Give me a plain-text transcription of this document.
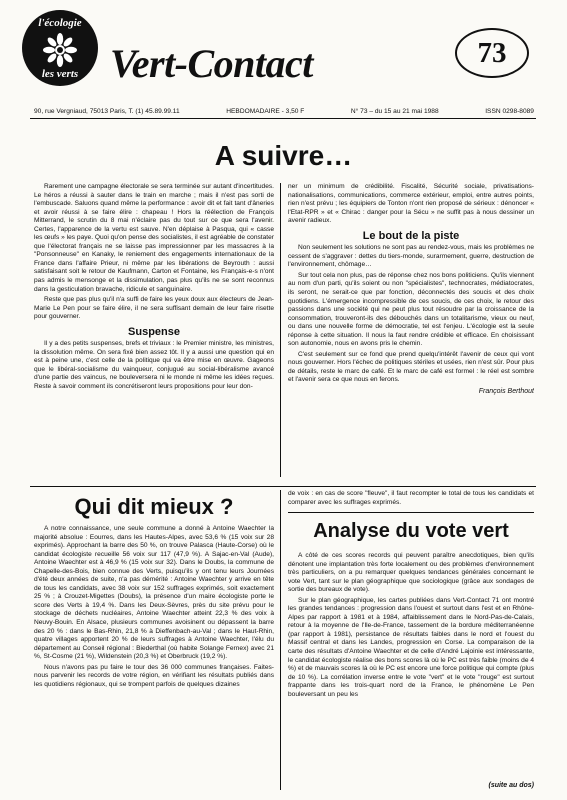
l'écologie
les verts Vert-Contact	73
90, rue Vergniaud, 75013 Paris, T. (1) 45.89.99.11	HEBDOMADAIRE - 3,50 F	N° 73 – du 15 au 21 mai 1988	ISSN 0298-8089
A suivre…

Rarement une campagne électorale se sera terminée sur autant d'incertitudes. Le héros a réussi à sauter dans le train en marche ; mais il n'est pas sorti de l'embuscade. Saluons quand même la performance : avoir dit et fait tant d'âneries et avoir réussi à se faire élire : chapeau ! Hors la réélection de François Mitterrand, le scrutin du 8 mai n'éclaire pas du tout sur ce que sera l'avenir. Certes, l'apparence de la vertu est sauve. N'en déplaise à Pasqua, qui « casse les œufs » les paye. Quoi qu'on pense des socialistes, il est agréable de constater que l'électorat français ne se laisse pas impressionner par les massacres à la "Ponsonneuse" en Kanaky, le reniement des engagements internationaux de la France dans l'affaire Prieur, ni même par les libérations de Beyrouth : aussi satisfaisant soit le retour de Kaufmann, Carton et Fontaine, les Français-e-s n'ont pas admis le mensonge et la dissimulation, pas plus qu'ils ne se sont reconnus dans la gesticulation bravache, ridicule et sanguinaire.

Reste que pas plus qu'il n'a suffi de faire les yeux doux aux électeurs de Jean-Marie Le Pen pour se faire élire, il ne sera suffisant demain de leur faire risette pour gouverner.

Suspense

Il y a des petits suspenses, brefs et triviaux : le Premier ministre, les ministres, la dissolution même. On sera fixé bien assez tôt. Il y a aussi une question qui en est à peine une, c'est celle de la politique qui va être mise en œuvre. Gageons que le libéral-socialisme du vainqueur, conjugué au social-libéralisme avancé d'une partie des vaincus, ne bouleversera ni le monde ni même les idées reçues. Reste à savoir comment ils concrétiseront leurs propositions pour leur don-

ner un minimum de crédibilité. Fiscalité, Sécurité sociale, privatisations-nationalisations, communications, commerce extérieur, emploi, entre autres points, rien n'est prévu ; les équipiers de Tonton n'ont rien proposé de sérieux : dénoncer « l'Etat-RPR » et « Chirac : danger pour la Sécu » ne suffit pas à nous dessiner un avenir radieux.

Le bout de la piste

Non seulement les solutions ne sont pas au rendez-vous, mais les problèmes ne cessent de s'aggraver : dettes du tiers-monde, surarmement, guerre, destruction de l'environnement, chômage…

Sur tout cela non plus, pas de réponse chez nos bons politiciens. Qu'ils viennent au nom d'un parti, qu'ils soient ou non "spécialistes", technocrates, médiatocrates, ils seront, ne serait-ce que par fonction, déconnectés des soucis et des choix quotidiens. L'émergence incompressible de ces soucis, de ces choix, le retour des passions dans une société qui ne peut plus tout résoudre par la croissance de la consommation, trouveront-ils des débouchés dans un totalitarisme, vieux ou neuf, ou dans une nouvelle forme de démocratie, tel est l'enjeu. L'écologie est la seule réponse à cette situation. Il nous la faut rendre crédible et efficace. En choisissant son autonomie, nous en avons pris le chemin.

C'est seulement sur ce fond que prend quelqu'intérêt l'avenir de ceux qui vont nous gouverner. Hors l'échec de politiques stériles et usées, rien n'est sûr. Pour plus de détails, reste le marc de café. Et le marc de café est formel : le réel est sombre et l'avenir sera ce que nous en ferons.

François Berthout
Qui dit mieux ?

A notre connaissance, une seule commune a donné à Antoine Waechter la majorité absolue : Eourres, dans les Hautes-Alpes, avec 53,6 % (15 voix sur 28 exprimés). Approchant la barre des 50 %, on trouve Palasca (Haute-Corse) où le candidat écologiste recueille 56 voix sur 117 (47,9 %). A Sajac-en-Val (Aude), Antoine Waechter est à 46,9 % (15 voix sur 32). Dans le Doubs, la commune de Chapelle-des-Bois, bien connue des Verts, puisqu'ils y ont tenu leurs Journées d'été deux années de suite, n'a pas démérité : Antoine Waechter y arrive en tête de tous les candidats, avec 38 voix sur 152 suffrages exprimés, soit exactement 25 % ; à Crouzet-Migettes (Doubs), la présence d'un maire écologiste porte le score des Verts à 19,4 %. Dans les Deux-Sèvres, près du site prévu pour le stockage de déchets nucléaires, Antoine Waechter atteint 22,3 % des voix à Neuvy-Bouin. En Alsace, plusieurs communes avoisinent ou dépassent la barre des 20 % : dans le Bas-Rhin, 21,8 % à Dieffenbach-au-Val ; dans le Haut-Rhin, quatre villages apportent 20 % de leurs suffrages à Antoine Waechter, l'élu du département au Conseil régional : Biederthal (où habite Solange Fernex) avec 21 %, St-Cosme (21 %), Wildenstein (20,3 %) et Oberbruck (19,2 %).

Nous n'avons pas pu faire le tour des 36 000 communes françaises. Faites-nous parvenir les records de votre région, en vérifiant les résultats publiés dans les quotidiens régionaux, qui se trompent parfois de quelques dizaines

de voix : en cas de score "fleuve", il faut recompter le total de tous les candidats et comparer avec les suffrages exprimés.

Analyse du vote vert

A côté de ces scores records qui peuvent paraître anecdotiques, bien qu'ils dénotent une implantation très forte localement ou des problèmes d'environnement très particuliers, on a pu remarquer quelques tendances générales concernant le vote Vert, tant sur le plan géographique que sociologique (grâce aux sondages de sortie des bureaux de vote).

Sur le plan géographique, les cartes publiées dans Vert-Contact 71 ont montré les grandes tendances : progression dans l'ouest et surtout dans l'est et en Rhône-Alpes par rapport à 1981 et à 1984, affaiblissement dans le Nord-Pas-de-Calais, retour à la moyenne de l'Ile-de-France, tassement de la bordure méditerranéenne (par rapport à 1981), persistance de résultats faibles dans le nord et l'ouest du Massif central et dans les Landes, progression en Corse. La comparaison de la carte des résultats d'Antoine Waechter et de celle d'André Lajoinie est intéressante, le candidat écologiste réalise des bons scores là où le PC est très faible (moins de 4 %) et de mauvais scores là où le PC est encore une force politique qui compte (plus de 10 %). La corrélation inverse entre le vote "vert" et le vote "rouge" est surtout frappante dans les trois-quart nord de la France, le phénomène Le Pen bouleversant un peu les

(suite au dos)
